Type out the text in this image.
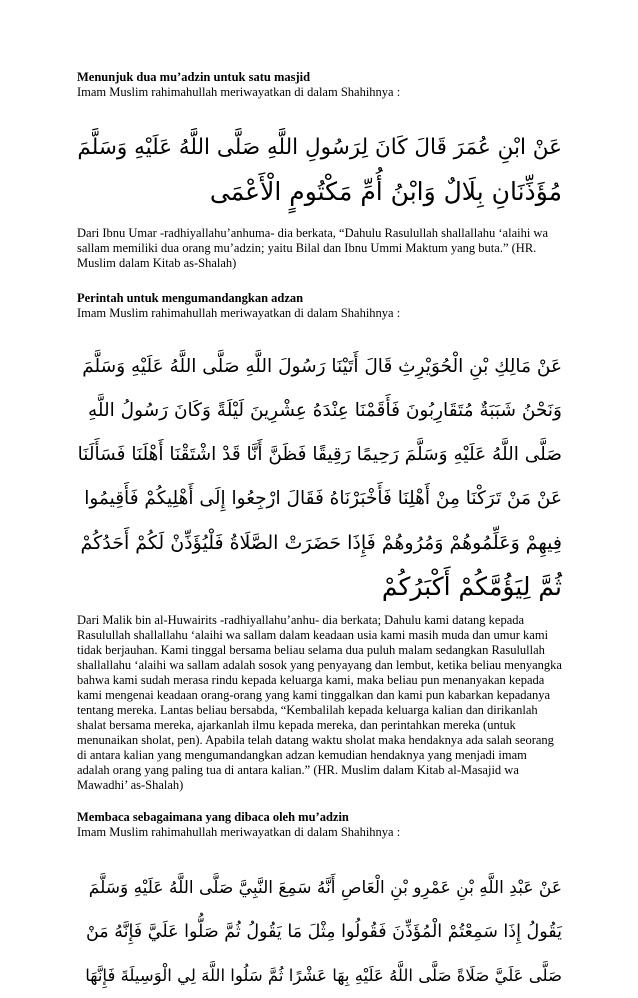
Menunjuk dua mu’adzin untuk satu masjid

Imam Muslim rahimahullah meriwayatkan di dalam Shahihnya :

عَنْ ابْنِ عُمَرَ قَالَ كَانَ لِرَسُولِ اللَّهِ صَلَّى اللَّهُ عَلَيْهِ وَسَلَّمَ
مُؤَذِّنَانِ بِلَالٌ وَابْنُ أُمِّ مَكْتُومٍ الْأَعْمَى

Dari Ibnu Umar -radhiyallahu’anhuma- dia berkata, “Dahulu Rasulullah shallallahu ‘alaihi wa sallam memiliki dua orang mu’adzin; yaitu Bilal dan Ibnu Ummi Maktum yang buta.” (HR. Muslim dalam Kitab as-Shalah)

Perintah untuk mengumandangkan adzan

Imam Muslim rahimahullah meriwayatkan di dalam Shahihnya :

عَنْ مَالِكِ بْنِ الْحُوَيْرِثِ قَالَ أَتَيْنَا رَسُولَ اللَّهِ صَلَّى اللَّهُ عَلَيْهِ وَسَلَّمَ
وَنَحْنُ شَبَبَةٌ مُتَقَارِبُونَ فَأَقَمْنَا عِنْدَهُ عِشْرِينَ لَيْلَةً وَكَانَ رَسُولُ اللَّهِ
صَلَّى اللَّهُ عَلَيْهِ وَسَلَّمَ رَحِيمًا رَقِيقًا فَظَنَّ أَنَّا قَدْ اشْتَقْنَا أَهْلَنَا فَسَأَلَنَا
عَنْ مَنْ تَرَكْنَا مِنْ أَهْلِنَا فَأَخْبَرْنَاهُ فَقَالَ ارْجِعُوا إِلَى أَهْلِيكُمْ فَأَقِيمُوا
فِيهِمْ وَعَلِّمُوهُمْ وَمُرُوهُمْ فَإِذَا حَضَرَتْ الصَّلَاةُ فَلْيُؤَذِّنْ لَكُمْ أَحَدُكُمْ
ثُمَّ لِيَؤُمَّكُمْ أَكْبَرُكُمْ

Dari Malik bin al-Huwairits -radhiyallahu’anhu- dia berkata; Dahulu kami datang kepada Rasulullah shallallahu ‘alaihi wa sallam dalam keadaan usia kami masih muda dan umur kami tidak berjauhan. Kami tinggal bersama beliau selama dua puluh malam sedangkan Rasulullah shallallahu ‘alaihi wa sallam adalah sosok yang penyayang dan lembut, ketika beliau menyangka bahwa kami sudah merasa rindu kepada keluarga kami, maka beliau pun menanyakan kepada kami mengenai keadaan orang-orang yang kami tinggalkan dan kami pun kabarkan kepadanya tentang mereka. Lantas beliau bersabda, “Kembalilah kepada keluarga kalian dan dirikanlah shalat bersama mereka, ajarkanlah ilmu kepada mereka, dan perintahkan mereka (untuk menunaikan sholat, pen). Apabila telah datang waktu sholat maka hendaknya ada salah seorang di antara kalian yang mengumandangkan adzan kemudian hendaknya yang menjadi imam adalah orang yang paling tua di antara kalian.” (HR. Muslim dalam Kitab al-Masajid wa Mawadhi’ as-Shalah)

Membaca sebagaimana yang dibaca oleh mu’adzin

Imam Muslim rahimahullah meriwayatkan di dalam Shahihnya :

عَنْ عَبْدِ اللَّهِ بْنِ عَمْرِو بْنِ الْعَاصِ أَنَّهُ سَمِعَ النَّبِيَّ صَلَّى اللَّهُ عَلَيْهِ وَسَلَّمَ
يَقُولُ إِذَا سَمِعْتُمْ الْمُؤَذِّنَ فَقُولُوا مِثْلَ مَا يَقُولُ ثُمَّ صَلُّوا عَلَيَّ فَإِنَّهُ مَنْ
صَلَّى عَلَيَّ صَلَاةً صَلَّى اللَّهُ عَلَيْهِ بِهَا عَشْرًا ثُمَّ سَلُوا اللَّهَ لِي الْوَسِيلَةَ فَإِنَّهَا
